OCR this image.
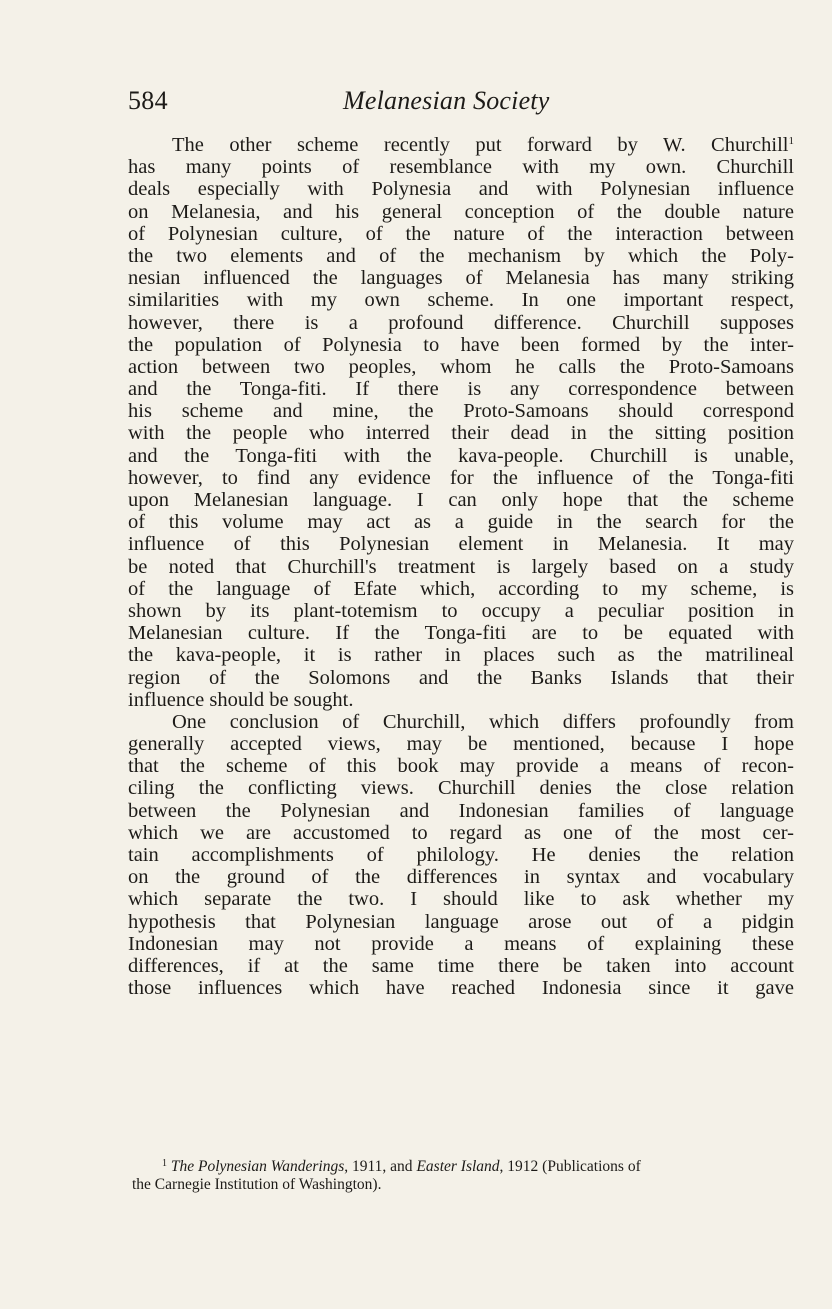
584	Melanesian Society
The other scheme recently put forward by W. Churchill$^1$
has many points of resemblance with my own. Churchill
deals especially with Polynesia and with Polynesian influence
on Melanesia, and his general conception of the double nature
of Polynesian culture, of the nature of the interaction between
the two elements and of the mechanism by which the Poly-
nesian influenced the languages of Melanesia has many striking
similarities with my own scheme. In one important respect,
however, there is a profound difference. Churchill supposes
the population of Polynesia to have been formed by the inter-
action between two peoples, whom he calls the Proto-Samoans
and the Tonga-fiti. If there is any correspondence between
his scheme and mine, the Proto-Samoans should correspond
with the people who interred their dead in the sitting position
and the Tonga-fiti with the kava-people. Churchill is unable,
however, to find any evidence for the influence of the Tonga-fiti
upon Melanesian language. I can only hope that the scheme
of this volume may act as a guide in the search for the
influence of this Polynesian element in Melanesia. It may
be noted that Churchill's treatment is largely based on a study
of the language of Efate which, according to my scheme, is
shown by its plant-totemism to occupy a peculiar position in
Melanesian culture. If the Tonga-fiti are to be equated with
the kava-people, it is rather in places such as the matrilineal
region of the Solomons and the Banks Islands that their
influence should be sought.
One conclusion of Churchill, which differs profoundly from
generally accepted views, may be mentioned, because I hope
that the scheme of this book may provide a means of recon-
ciling the conflicting views. Churchill denies the close relation
between the Polynesian and Indonesian families of language
which we are accustomed to regard as one of the most cer-
tain accomplishments of philology. He denies the relation
on the ground of the differences in syntax and vocabulary
which separate the two. I should like to ask whether my
hypothesis that Polynesian language arose out of a pidgin
Indonesian may not provide a means of explaining these
differences, if at the same time there be taken into account
those influences which have reached Indonesia since it gave
$^1$ The Polynesian Wanderings, 1911, and Easter Island, 1912 (Publications of
the Carnegie Institution of Washington).
